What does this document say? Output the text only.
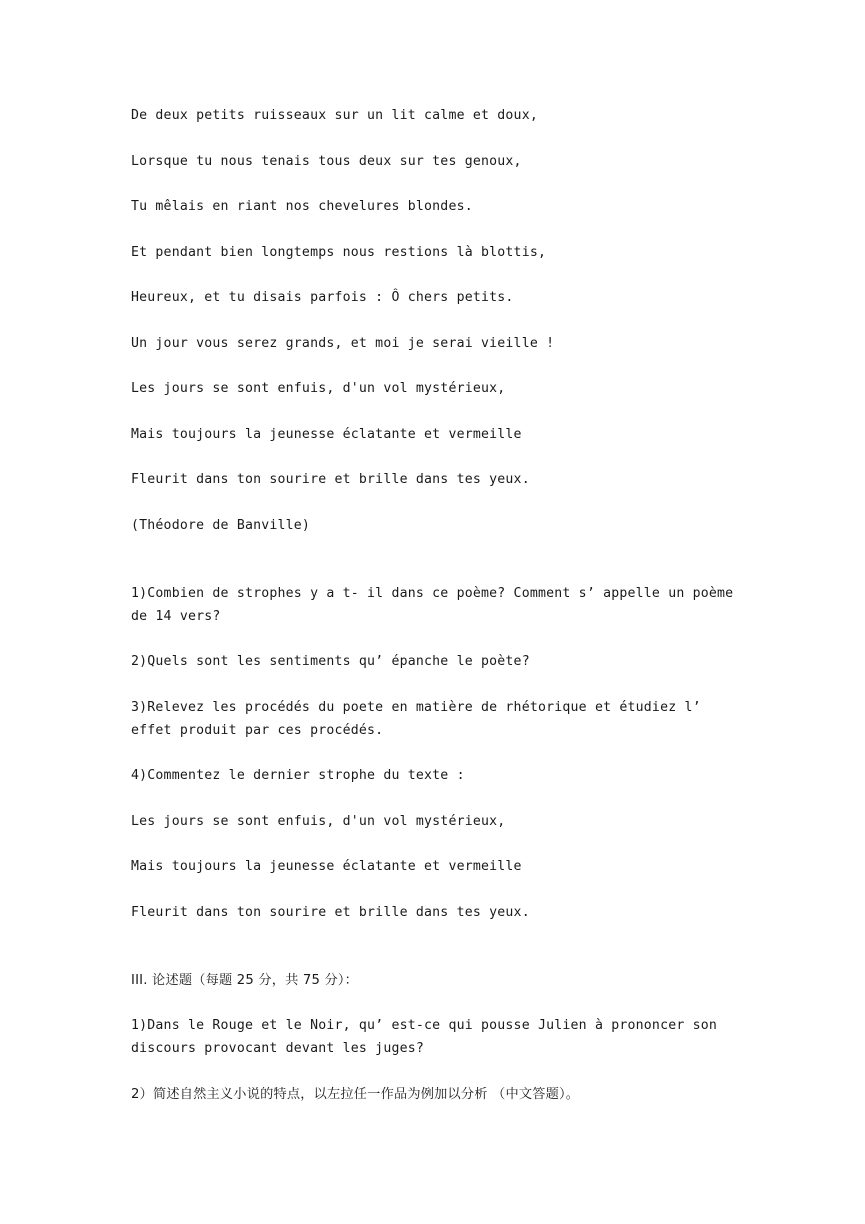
De deux petits ruisseaux sur un lit calme et doux,
Lorsque tu nous tenais tous deux sur tes genoux,
Tu mêlais en riant nos chevelures blondes.
Et pendant bien longtemps nous restions là blottis,
Heureux, et tu disais parfois : Ô chers petits.
Un jour vous serez grands, et moi je serai vieille !
Les jours se sont enfuis, d'un vol mystérieux,
Mais toujours la jeunesse éclatante et vermeille
Fleurit dans ton sourire et brille dans tes yeux.
(Théodore de Banville)
1)Combien de strophes y a t- il dans ce poème? Comment s’ appelle un poème de 14 vers?
2)Quels sont les sentiments qu’ épanche le poète?
3)Relevez les procédés du poete en matière de rhétorique et étudiez l’ effet produit par ces procédés.
4)Commentez le dernier strophe du texte :
Les jours se sont enfuis, d'un vol mystérieux,
Mais toujours la jeunesse éclatante et vermeille
Fleurit dans ton sourire et brille dans tes yeux.
III. 论述题（每题 25 分，共 75 分）：
1)Dans le Rouge et le Noir, qu’ est-ce qui pousse Julien à prononcer son discours provocant devant les juges?
2）简述自然主义小说的特点，以左拉任一作品为例加以分析 （中文答题）。
